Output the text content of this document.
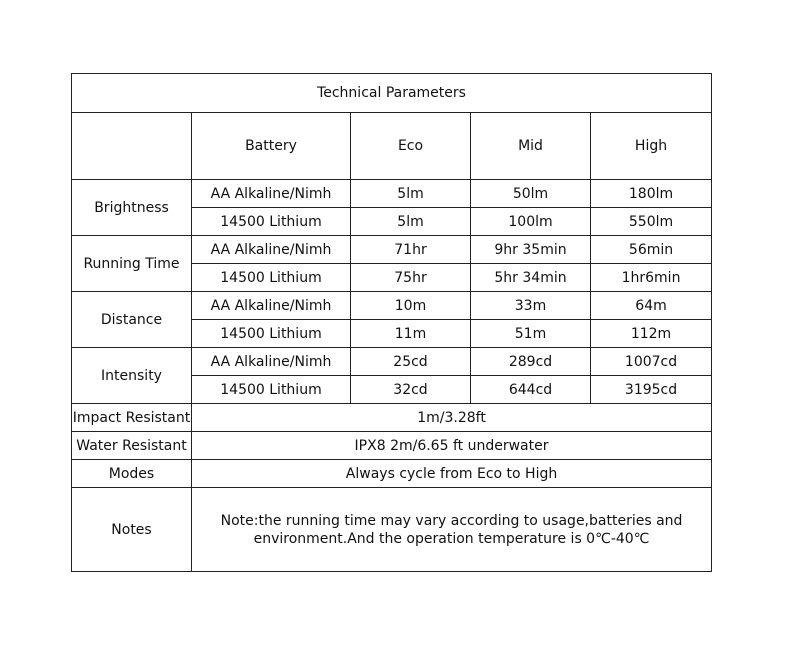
Technical Parameters				
	Battery	Eco	Mid	High
Brightness	AA Alkaline/Nimh	5lm	50lm	180lm
	14500 Lithium	5lm	100lm	550lm
Running Time	AA Alkaline/Nimh	71hr	9hr 35min	56min
	14500 Lithium	75hr	5hr 34min	1hr6min
Distance	AA Alkaline/Nimh	10m	33m	64m
	14500 Lithium	11m	51m	112m
Intensity	AA Alkaline/Nimh	25cd	289cd	1007cd
	14500 Lithium	32cd	644cd	3195cd
Impact Resistant	1m/3.28ft			
Water Resistant	IPX8 2m/6.65 ft underwater			
Modes	Always cycle from Eco to High			
Notes	Note:the running time may vary according to usage,batteries and
environment.And the operation temperature is 0℃-40℃			
